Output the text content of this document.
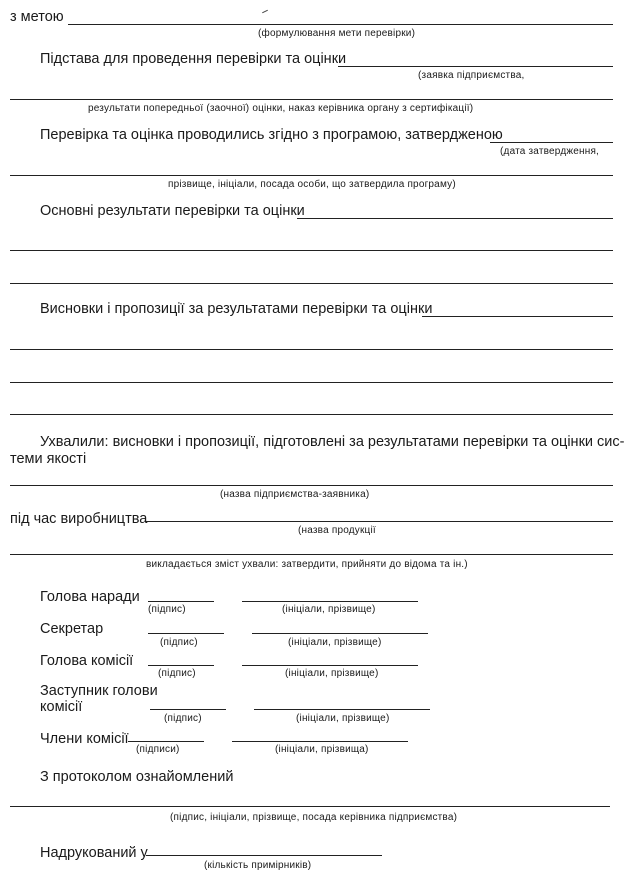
з метою
(формулювання мети перевірки)
Підстава для проведення перевірки та оцінки
(заявка підприємства,
результати попередньої (заочної) оцінки, наказ керівника органу з сертифікації)
Перевірка та оцінка проводились згідно з програмою, затвердженою
(дата затвердження,
прізвище, ініціали, посада особи, що затвердила програму)
Основні результати перевірки та оцінки
Висновки і пропозиції за результатами перевірки та оцінки
Ухвалили: висновки і пропозиції, підготовлені за результатами перевірки та оцінки сис-
теми якості
(назва підприємства-заявника)
під час виробництва
(назва продукції
викладається зміст ухвали: затвердити, прийняти до відома та ін.)
Голова наради
(підпис)	(ініціали, прізвище)
Секретар
(підпис)	(ініціали, прізвище)
Голова комісії
(підпис)	(ініціали, прізвище)
Заступник голови
комісії
(підпис)	(ініціали, прізвище)
Члени комісії
(підписи)	(ініціали, прізвища)
З протоколом ознайомлений
(підпис, ініціали, прізвище, посада керівника підприємства)
Надрукований у
(кількість примірників)
